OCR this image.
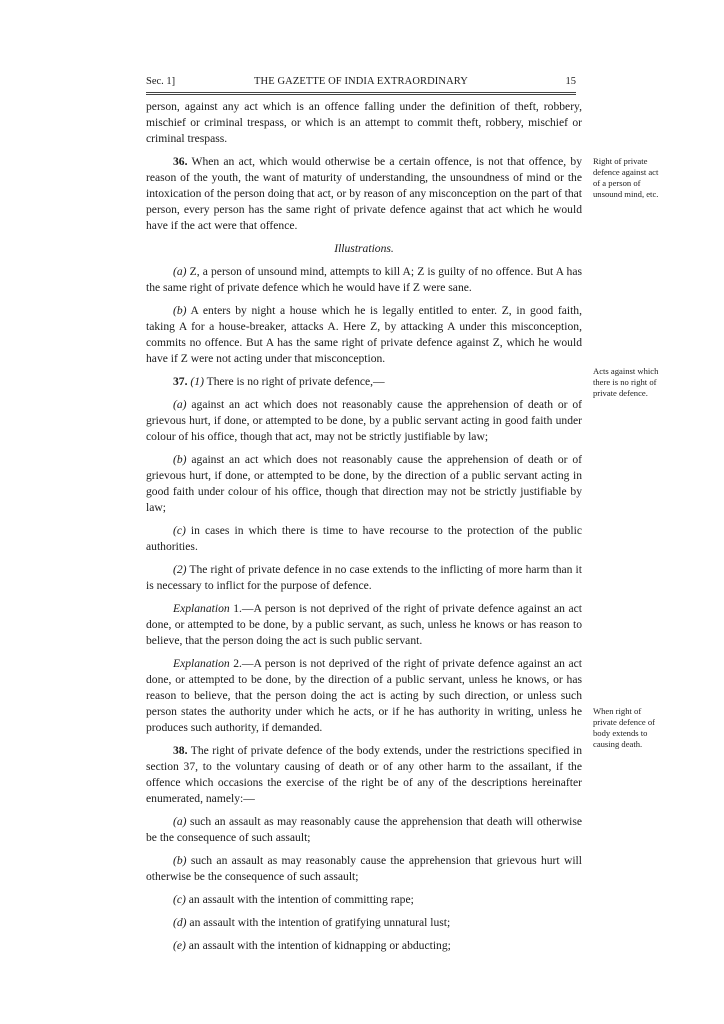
Sec. 1]	THE GAZETTE OF INDIA EXTRAORDINARY	15

person, against any act which is an offence falling under the definition of theft, robbery, mischief or criminal trespass, or which is an attempt to commit theft, robbery, mischief or criminal trespass.

36. When an act, which would otherwise be a certain offence, is not that offence, by reason of the youth, the want of maturity of understanding, the unsoundness of mind or the intoxication of the person doing that act, or by reason of any misconception on the part of that person, every person has the same right of private defence against that act which he would have if the act were that offence.

Illustrations.

(a) Z, a person of unsound mind, attempts to kill A; Z is guilty of no offence. But A has the same right of private defence which he would have if Z were sane.

(b) A enters by night a house which he is legally entitled to enter. Z, in good faith, taking A for a house-breaker, attacks A. Here Z, by attacking A under this misconception, commits no offence. But A has the same right of private defence against Z, which he would have if Z were not acting under that misconception.

37. (1) There is no right of private defence,—

(a) against an act which does not reasonably cause the apprehension of death or of grievous hurt, if done, or attempted to be done, by a public servant acting in good faith under colour of his office, though that act, may not be strictly justifiable by law;

(b) against an act which does not reasonably cause the apprehension of death or of grievous hurt, if done, or attempted to be done, by the direction of a public servant acting in good faith under colour of his office, though that direction may not be strictly justifiable by law;

(c) in cases in which there is time to have recourse to the protection of the public authorities.

(2) The right of private defence in no case extends to the inflicting of more harm than it is necessary to inflict for the purpose of defence.

Explanation 1.—A person is not deprived of the right of private defence against an act done, or attempted to be done, by a public servant, as such, unless he knows or has reason to believe, that the person doing the act is such public servant.

Explanation 2.—A person is not deprived of the right of private defence against an act done, or attempted to be done, by the direction of a public servant, unless he knows, or has reason to believe, that the person doing the act is acting by such direction, or unless such person states the authority under which he acts, or if he has authority in writing, unless he produces such authority, if demanded.

38. The right of private defence of the body extends, under the restrictions specified in section 37, to the voluntary causing of death or of any other harm to the assailant, if the offence which occasions the exercise of the right be of any of the descriptions hereinafter enumerated, namely:—

(a) such an assault as may reasonably cause the apprehension that death will otherwise be the consequence of such assault;

(b) such an assault as may reasonably cause the apprehension that grievous hurt will otherwise be the consequence of such assault;

(c) an assault with the intention of committing rape;

(d) an assault with the intention of gratifying unnatural lust;

(e) an assault with the intention of kidnapping or abducting;

Right of private defence against act of a person of unsound mind, etc.
Acts against which there is no right of private defence.
When right of private defence of body extends to causing death.
